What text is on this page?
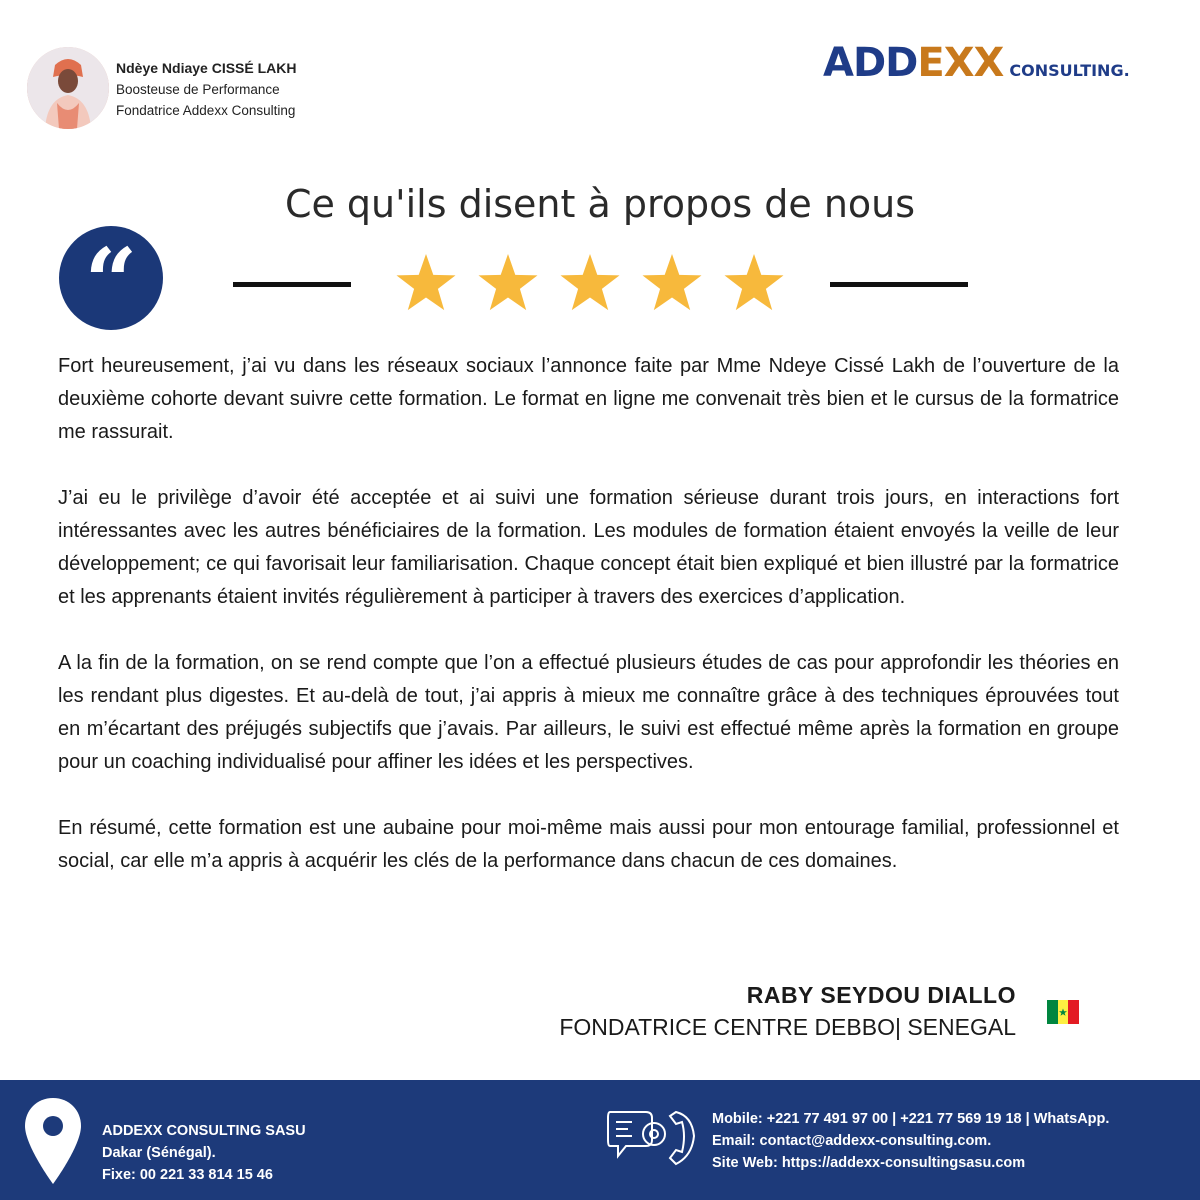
Ndèye Ndiaye CISSÉ LAKH
Boosteuse de Performance
Fondatrice Addexx Consulting
ADDEXX CONSULTING.
Ce qu'ils disent à propos de nous
“

Fort heureusement, j’ai vu dans les réseaux sociaux l’annonce faite par Mme Ndeye Cissé Lakh de l’ouverture de la deuxième cohorte devant suivre cette formation. Le format en ligne me convenait très bien et le cursus de la formatrice me rassurait.

J’ai eu le privilège d’avoir été acceptée et ai suivi une formation sérieuse durant trois jours, en interactions fort intéressantes avec les autres bénéficiaires de la formation. Les modules de formation étaient envoyés la veille de leur développement; ce qui favorisait leur familiarisation. Chaque concept était bien expliqué et bien illustré par la formatrice et les apprenants étaient invités régulièrement à participer à travers des exercices d’application.

A la fin de la formation, on se rend compte que l’on a effectué plusieurs études de cas pour approfondir les théories en les rendant plus digestes. Et au-delà de tout, j’ai appris à mieux me connaître grâce à des techniques éprouvées tout en m’écartant des préjugés subjectifs que j’avais. Par ailleurs, le suivi est effectué même après la formation en groupe pour un coaching individualisé pour affiner les idées et les perspectives.

En résumé, cette formation est une aubaine pour moi-même mais aussi pour mon entourage familial, professionnel et social, car elle m’a appris à acquérir les clés de la performance dans chacun de ces domaines.

RABY SEYDOU DIALLO
FONDATRICE CENTRE DEBBO| SENEGAL
ADDEXX CONSULTING SASU
Dakar (Sénégal).
Fixe: 00 221 33 814 15 46
Mobile: +221 77 491 97 00 | +221 77 569 19 18 | WhatsApp.
Email: contact@addexx-consulting.com.
Site Web: https://addexx-consultingsasu.com
